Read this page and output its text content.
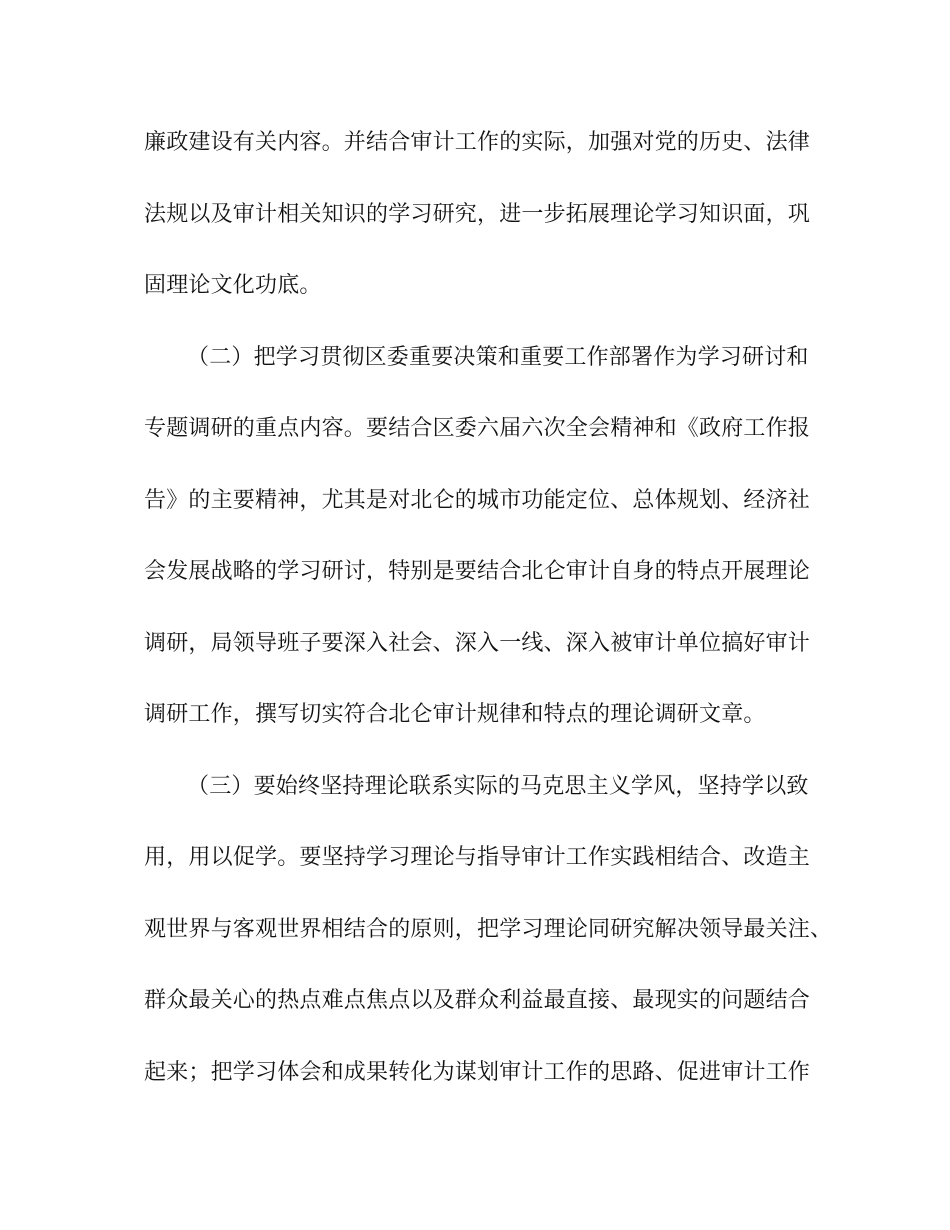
廉政建设有关内容。并结合审计工作的实际，加强对党的历史、法律
法规以及审计相关知识的学习研究，进一步拓展理论学习知识面，巩
固理论文化功底。
（二）把学习贯彻区委重要决策和重要工作部署作为学习研讨和
专题调研的重点内容。要结合区委六届六次全会精神和《政府工作报
告》的主要精神，尤其是对北仑的城市功能定位、总体规划、经济社
会发展战略的学习研讨，特别是要结合北仑审计自身的特点开展理论
调研，局领导班子要深入社会、深入一线、深入被审计单位搞好审计
调研工作，撰写切实符合北仑审计规律和特点的理论调研文章。
（三）要始终坚持理论联系实际的马克思主义学风，坚持学以致
用，用以促学。要坚持学习理论与指导审计工作实践相结合、改造主
观世界与客观世界相结合的原则，把学习理论同研究解决领导最关注、
群众最关心的热点难点焦点以及群众利益最直接、最现实的问题结合
起来；把学习体会和成果转化为谋划审计工作的思路、促进审计工作
